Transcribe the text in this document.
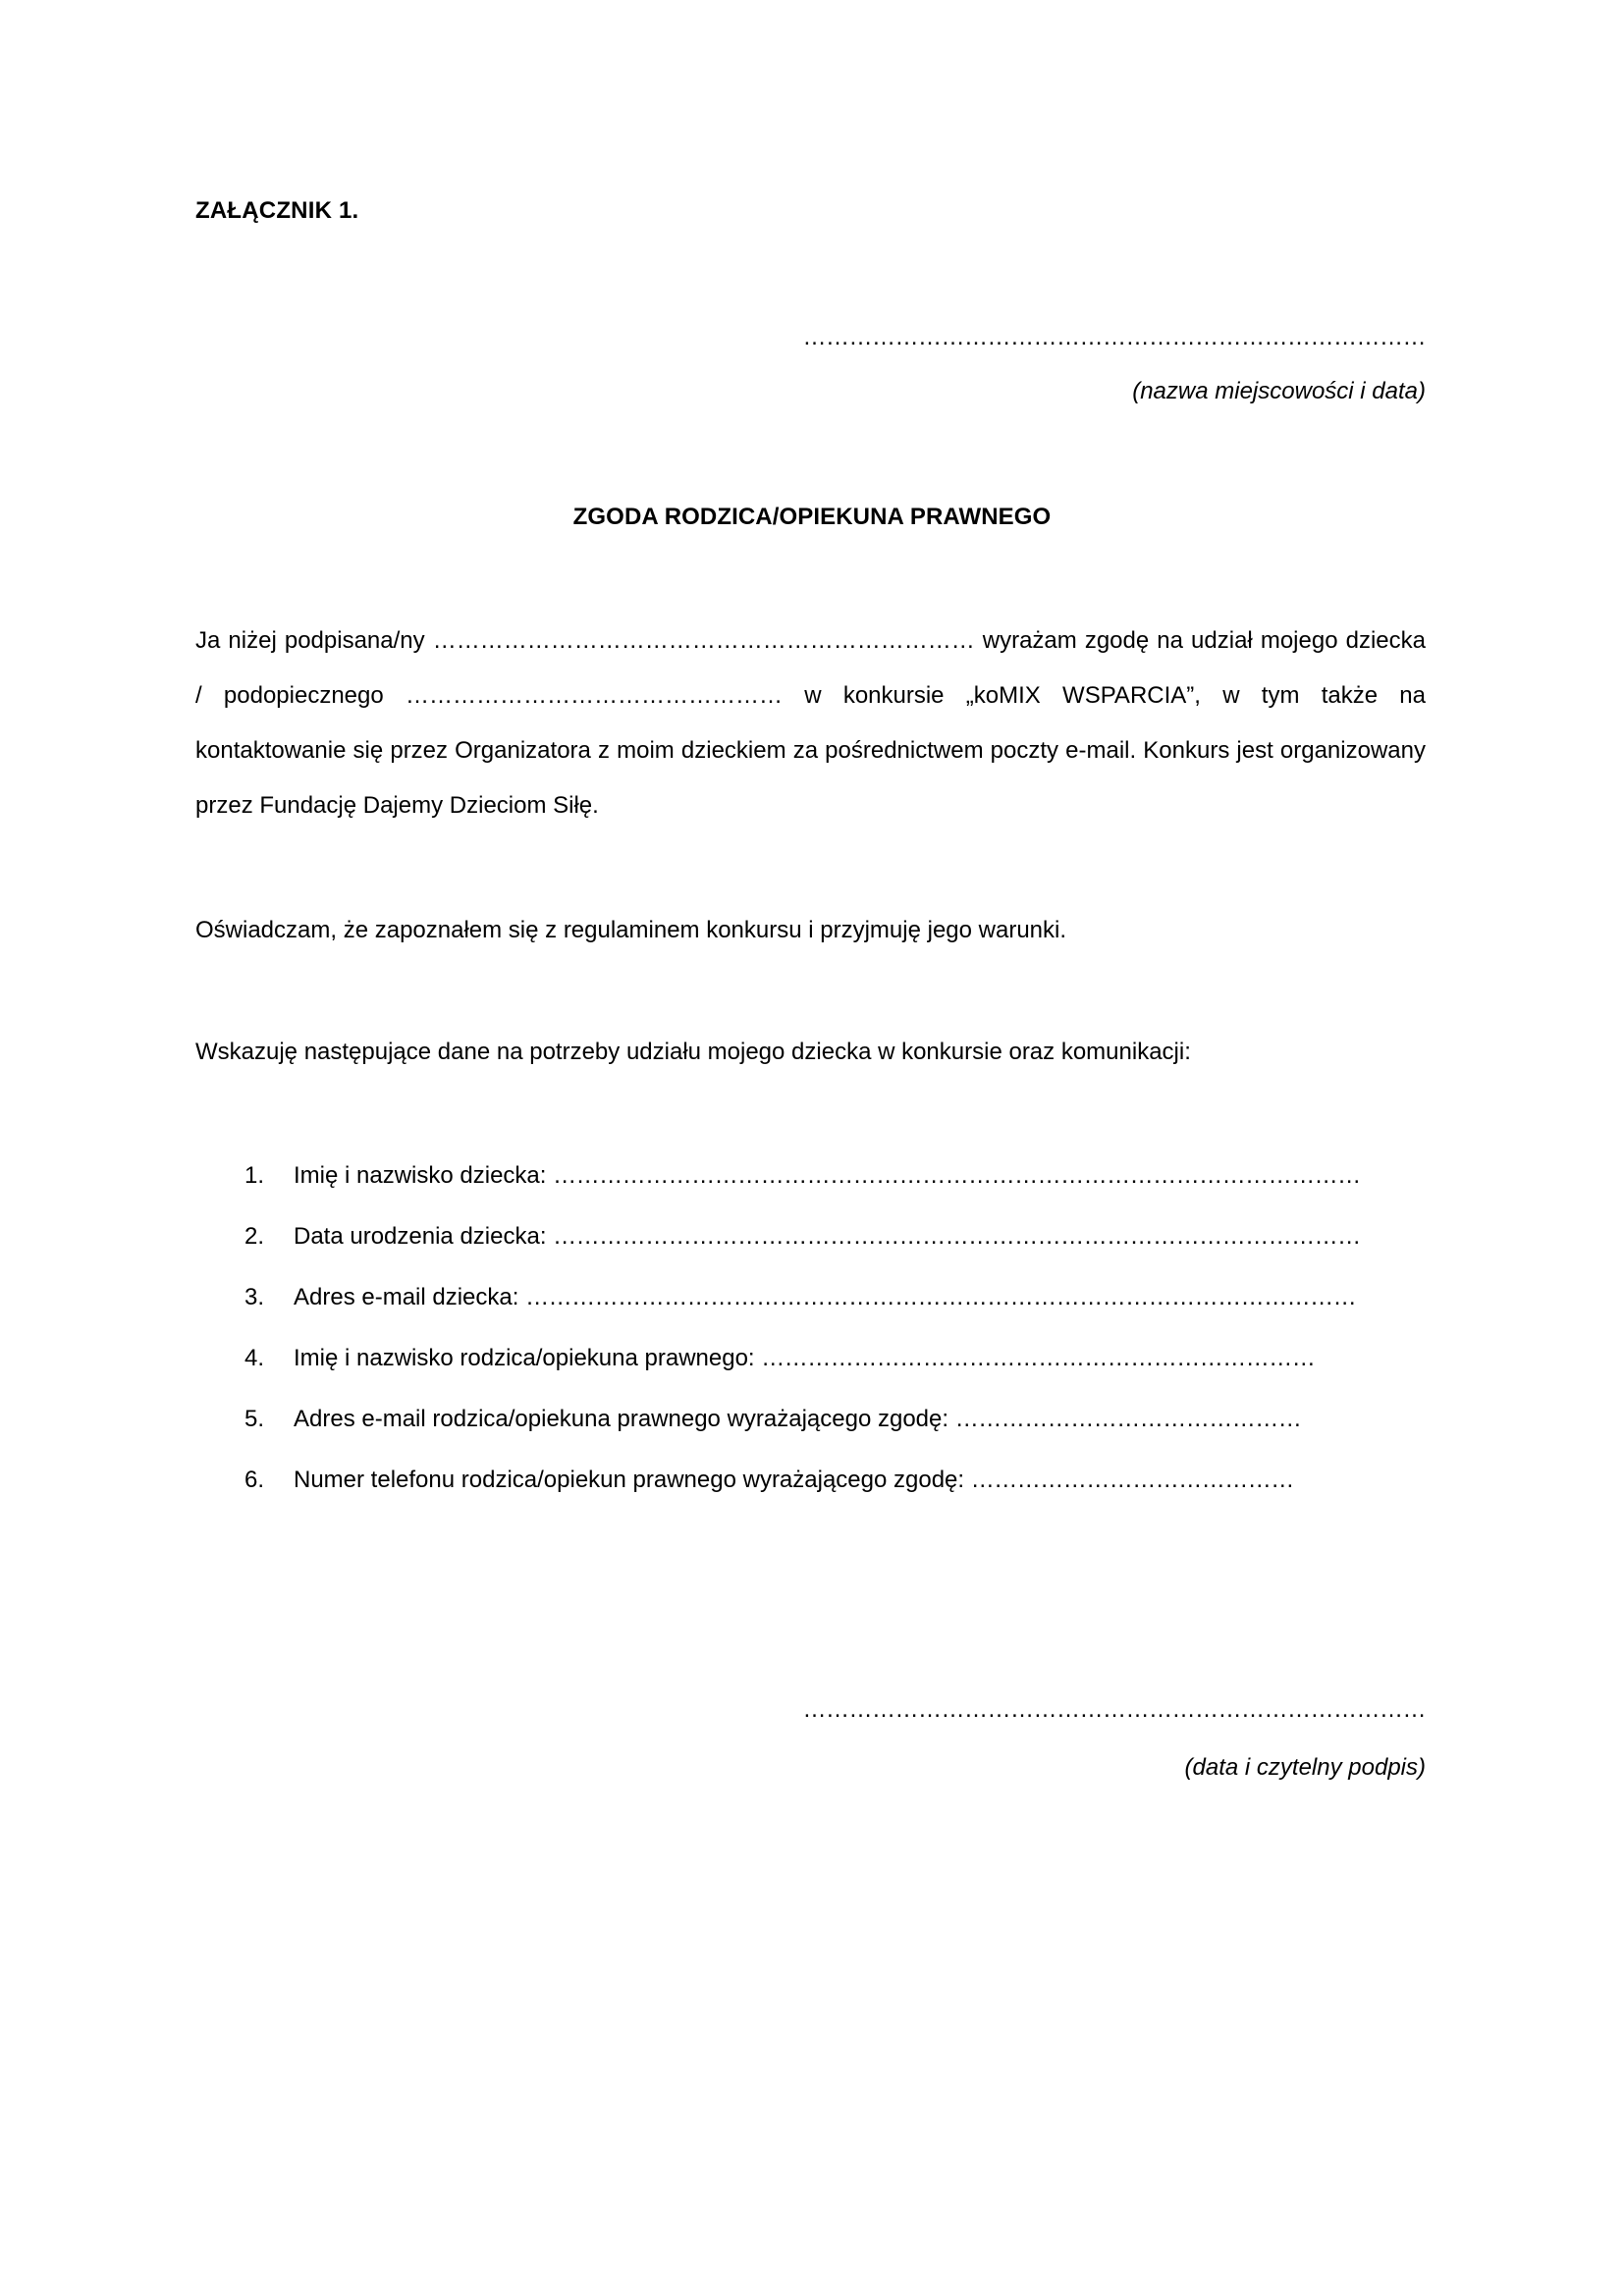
ZAŁĄCZNIK 1.
………………………………………………………………………
(nazwa miejscowości i data)
ZGODA RODZICA/OPIEKUNA PRAWNEGO
Ja niżej podpisana/ny …………………………………………………………… wyrażam zgodę na udział mojego dziecka / podopiecznego ………………………………………… w konkursie „koMIX WSPARCIA”, w tym także na kontaktowanie się przez Organizatora z moim dzieckiem za pośrednictwem poczty e-mail. Konkurs jest organizowany przez Fundację Dajemy Dzieciom Siłę.
Oświadczam, że zapoznałem się z regulaminem konkursu i przyjmuję jego warunki.
Wskazuję następujące dane na potrzeby udziału mojego dziecka w konkursie oraz komunikacji:
1. Imię i nazwisko dziecka: ……………………………………………………………………………………………
2. Data urodzenia dziecka: ……………………………………………………………………………………………
3. Adres e-mail dziecka: ………………………………………………………………………………………………
4. Imię i nazwisko rodzica/opiekuna prawnego: ………………………………………………………………
5. Adres e-mail rodzica/opiekuna prawnego wyrażającego zgodę: ………………………………………
6. Numer telefonu rodzica/opiekun prawnego wyrażającego zgodę: ……………………………………
………………………………………………………………………
(data i czytelny podpis)
